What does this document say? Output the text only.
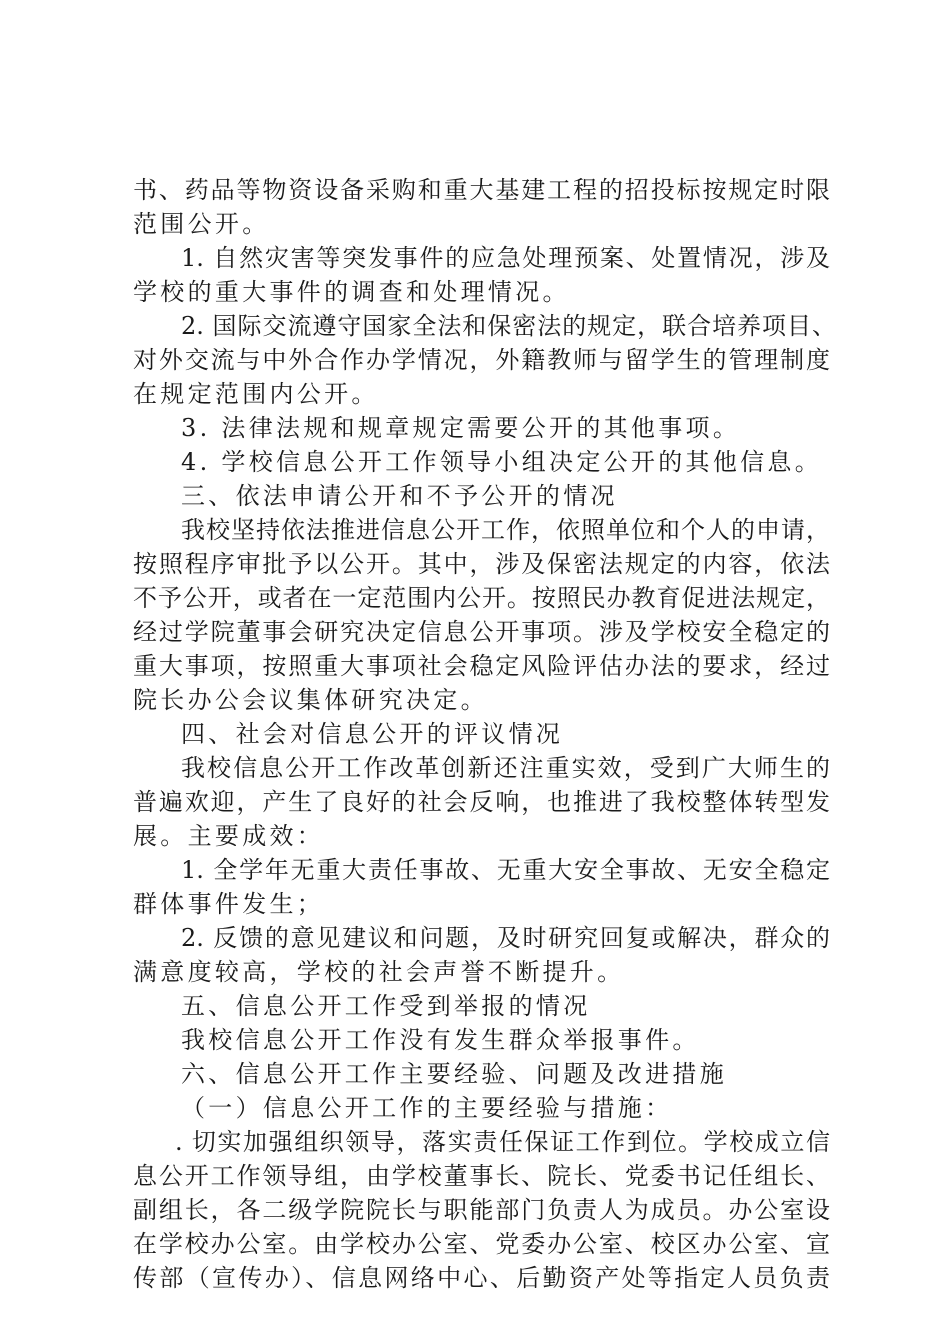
书、药品等物资设备采购和重大基建工程的招投标按规定时限
范围公开。
1. 自然灾害等突发事件的应急处理预案、处置情况，涉及
学校的重大事件的调查和处理情况。
2. 国际交流遵守国家全法和保密法的规定，联合培养项目、
对外交流与中外合作办学情况，外籍教师与留学生的管理制度
在规定范围内公开。
3. 法律法规和规章规定需要公开的其他事项。
4. 学校信息公开工作领导小组决定公开的其他信息。
三、依法申请公开和不予公开的情况
我校坚持依法推进信息公开工作，依照单位和个人的申请，
按照程序审批予以公开。其中，涉及保密法规定的内容，依法
不予公开，或者在一定范围内公开。按照民办教育促进法规定，
经过学院董事会研究决定信息公开事项。涉及学校安全稳定的
重大事项，按照重大事项社会稳定风险评估办法的要求，经过
院长办公会议集体研究决定。
四、社会对信息公开的评议情况
我校信息公开工作改革创新还注重实效，受到广大师生的
普遍欢迎，产生了良好的社会反响，也推进了我校整体转型发
展。主要成效：
1. 全学年无重大责任事故、无重大安全事故、无安全稳定
群体事件发生；
2. 反馈的意见建议和问题，及时研究回复或解决，群众的
满意度较高，学校的社会声誉不断提升。
五、信息公开工作受到举报的情况
我校信息公开工作没有发生群众举报事件。
六、信息公开工作主要经验、问题及改进措施
（一）信息公开工作的主要经验与措施：
. 切实加强组织领导，落实责任保证工作到位。学校成立信
息公开工作领导组，由学校董事长、院长、党委书记任组长、
副组长，各二级学院院长与职能部门负责人为成员。办公室设
在学校办公室。由学校办公室、党委办公室、校区办公室、宣
传部（宣传办）、信息网络中心、后勤资产处等指定人员负责
